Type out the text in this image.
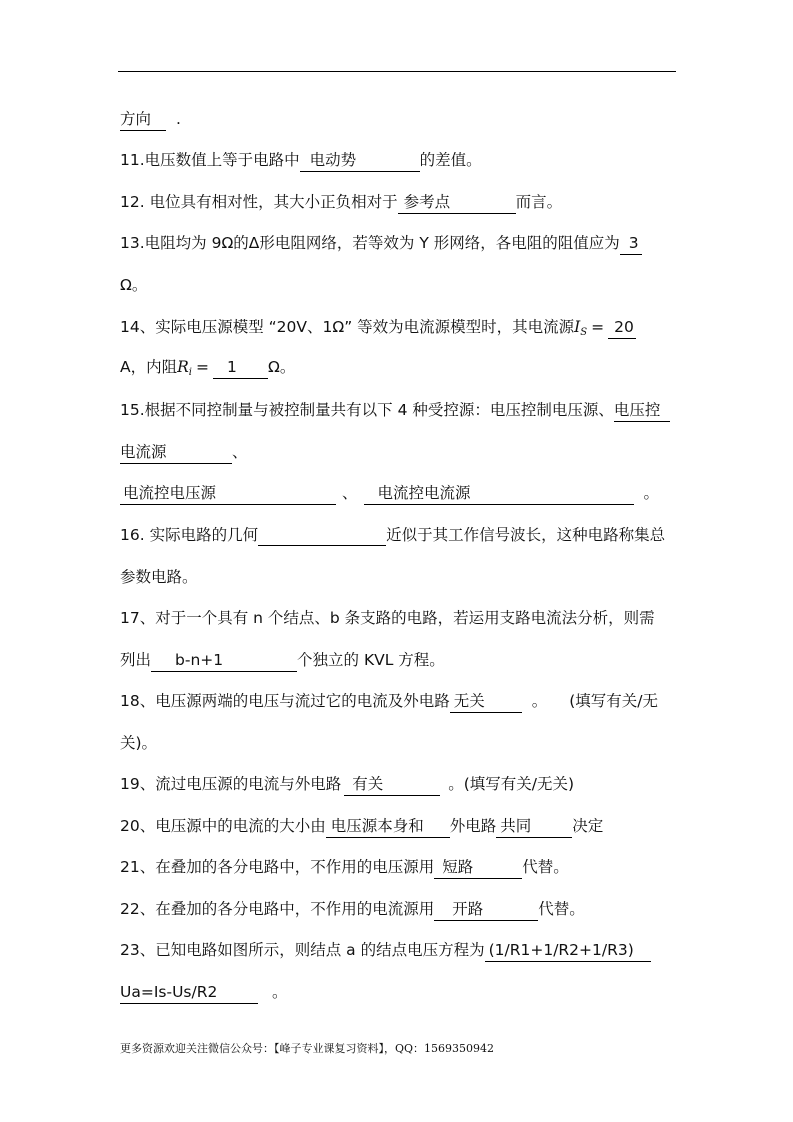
方向 .
11.电压数值上等于电路中 电动势	的差值。
12. 电位具有相对性，其大小正负相对于 参考点	而言。
13.电阻均为 9Ω的Δ形电阻网络，若等效为 Y 形网络，各电阻的阻值应为 3
Ω。
14、实际电压源模型 “20V、1Ω” 等效为电流源模型时，其电流源$I_S = 20$
A，内阻$R_i = 1$ Ω。
15.根据不同控制量与被控制量共有以下 4 种受控源：电压控制电压源、电压控
电流源	、
电流控电压源	、 电流控电流源	。
16. 实际电路的几何	近似于其工作信号波长，这种电路称集总
参数电路。
17、对于一个具有 n 个结点、b 条支路的电路，若运用支路电流法分析，则需
列出 b-n+1	个独立的 KVL 方程。
18、电压源两端的电压与流过它的电流及外电路 无关	。 (填写有关/无
关)。
19、流过电压源的电流与外电路 有关	。(填写有关/无关)
20、电压源中的电流的大小由 电压源本身和 外电路 共同	决定
21、在叠加的各分电路中，不作用的电压源用 短路	代替。
22、在叠加的各分电路中，不作用的电流源用 开路	代替。
23、已知电路如图所示，则结点 a 的结点电压方程为 (1/R1+1/R2+1/R3)
Ua=Is-Us/R2	。
更多资源欢迎关注微信公众号：【峰子专业课复习资料】，QQ：1569350942
